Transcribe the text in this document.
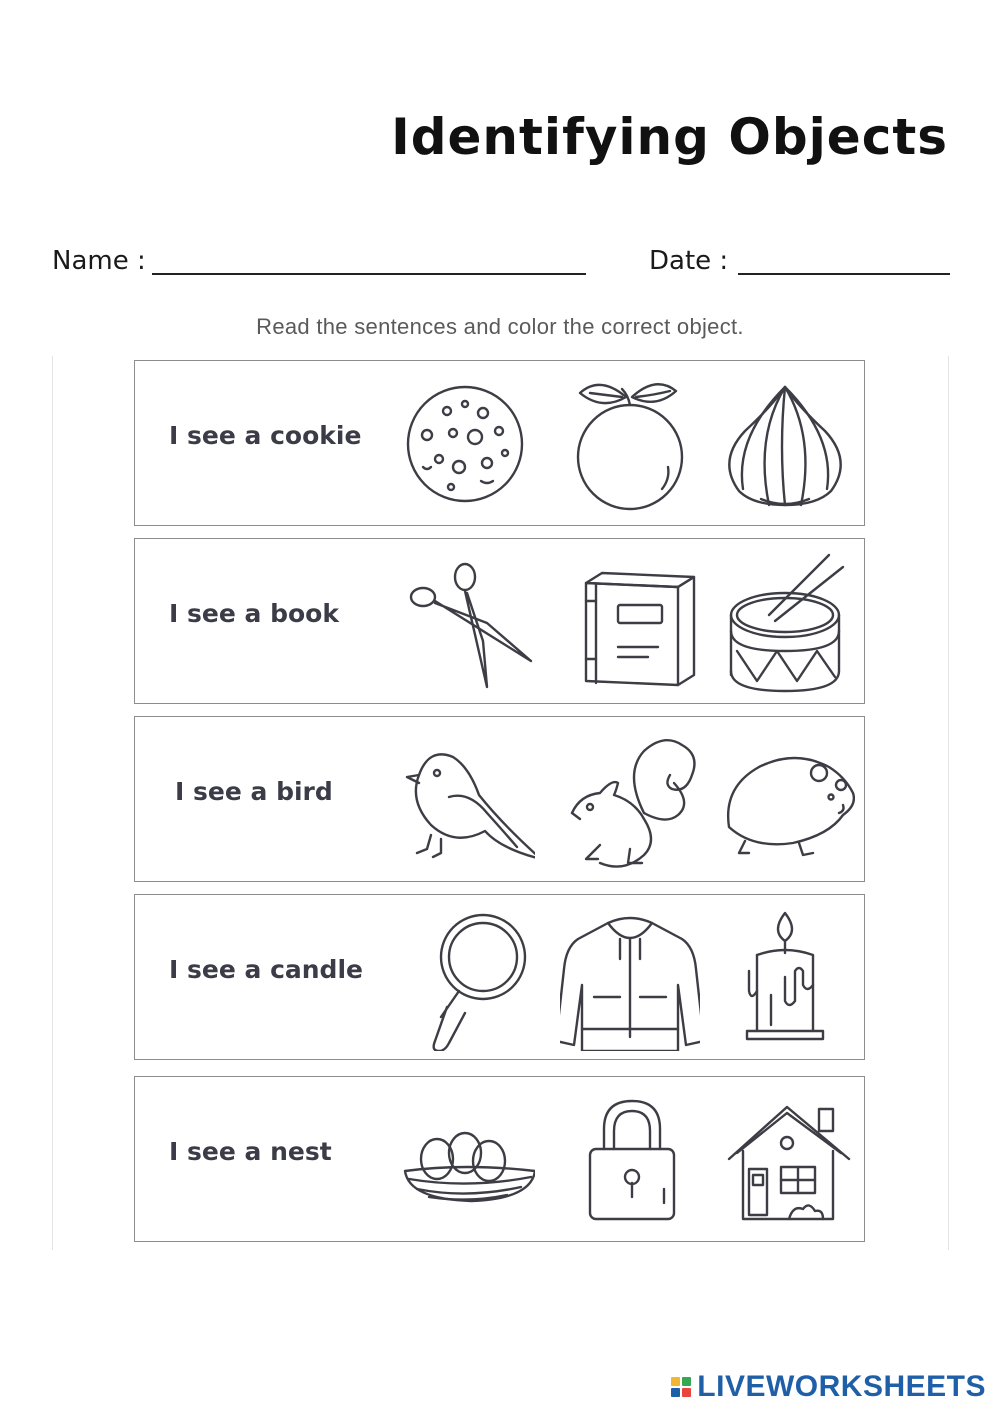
Identifying Objects
Name :	Date :
Read the sentences and color the correct object.
I see a cookie
I see a book
I see a bird
I see a candle
I see a nest
LIVEWORKSHEETS
